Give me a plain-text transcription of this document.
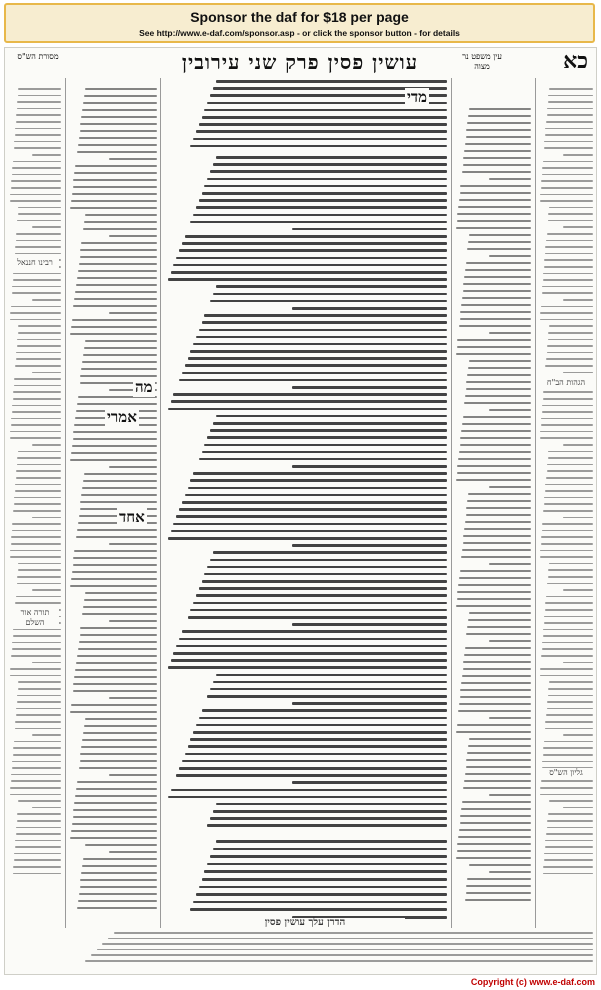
Sponsor the daf for $18 per page
See http://www.e-daf.com/sponsor.asp - or click the sponsor button - for details
כא
עושין פסין פרק שני עירובין	עין משפט נר מצוה
מסורת הש"ס
מדי
מה
אמרי
אחד
רבינו חננאל
גליון הש"ס
תורה אור השלם
הגהות הב"ח
הדרן עלך עושין פסין
Copyright (c) www.e-daf.com
